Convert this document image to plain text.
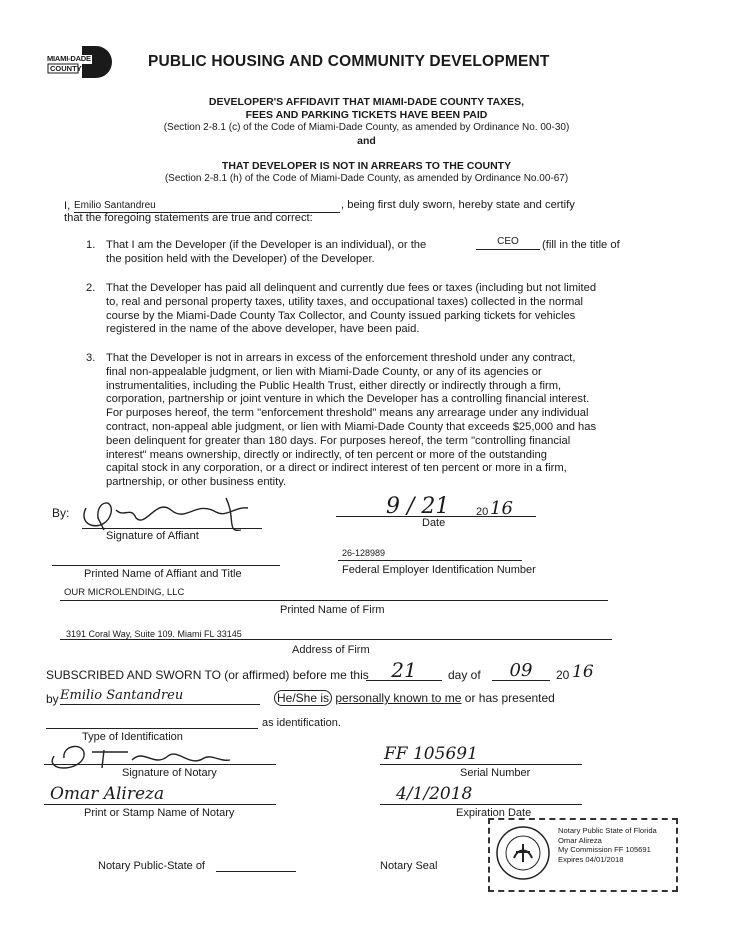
MIAMI-DADE
COUNTY	PUBLIC HOUSING AND COMMUNITY DEVELOPMENT
DEVELOPER'S AFFIDAVIT THAT MIAMI-DADE COUNTY TAXES,
FEES AND PARKING TICKETS HAVE BEEN PAID
(Section 2-8.1 (c) of the Code of Miami-Dade County, as amended by Ordinance No. 00-30)
and
THAT DEVELOPER IS NOT IN ARREARS TO THE COUNTY
(Section 2-8.1 (h) of the Code of Miami-Dade County, as amended by Ordinance No.00-67)
I, Emilio Santandreu	, being first duly sworn, hereby state and certify
that the foregoing statements are true and correct:
1. That I am the Developer (if the Developer is an individual), or the	CEO	(fill in the title of
the position held with the Developer) of the Developer.
2. That the Developer has paid all delinquent and currently due fees or taxes (including but not limited
to, real and personal property taxes, utility taxes, and occupational taxes) collected in the normal
course by the Miami-Dade County Tax Collector, and County issued parking tickets for vehicles
registered in the name of the above developer, have been paid.
3. That the Developer is not in arrears in excess of the enforcement threshold under any contract,
final non-appealable judgment, or lien with Miami-Dade County, or any of its agencies or
instrumentalities, including the Public Health Trust, either directly or indirectly through a firm,
corporation, partnership or joint venture in which the Developer has a controlling financial interest.
For purposes hereof, the term "enforcement threshold" means any arrearage under any individual
contract, non-appeal able judgment, or lien with Miami-Dade County that exceeds $25,000 and has
been delinquent for greater than 180 days. For purposes hereof, the term "controlling financial
interest" means ownership, directly or indirectly, of ten percent or more of the outstanding
capital stock in any corporation, or a direct or indirect interest of ten percent or more in a firm,
partnership, or other business entity.
By:
Signature of Affiant
9 / 21 20 16
Date
26-128989
Federal Employer Identification Number
Printed Name of Affiant and Title
OUR MICROLENDING, LLC
Printed Name of Firm
3191 Coral Way, Suite 109. Miami FL 33145
Address of Firm
SUBSCRIBED AND SWORN TO (or affirmed) before me this	21	day of	09	20 16
by Emilio Santandreu	He/She is personally known to me or has presented
as identification.
Type of Identification
Signature of Notary
FF 105691
Serial Number
Omar Alireza
Print or Stamp Name of Notary
4/1/2018
Expiration Date
Notary Public-State of	Notary Seal
Notary Public State of Florida
Omar Alireza
My Commission FF 105691
Expires 04/01/2018
